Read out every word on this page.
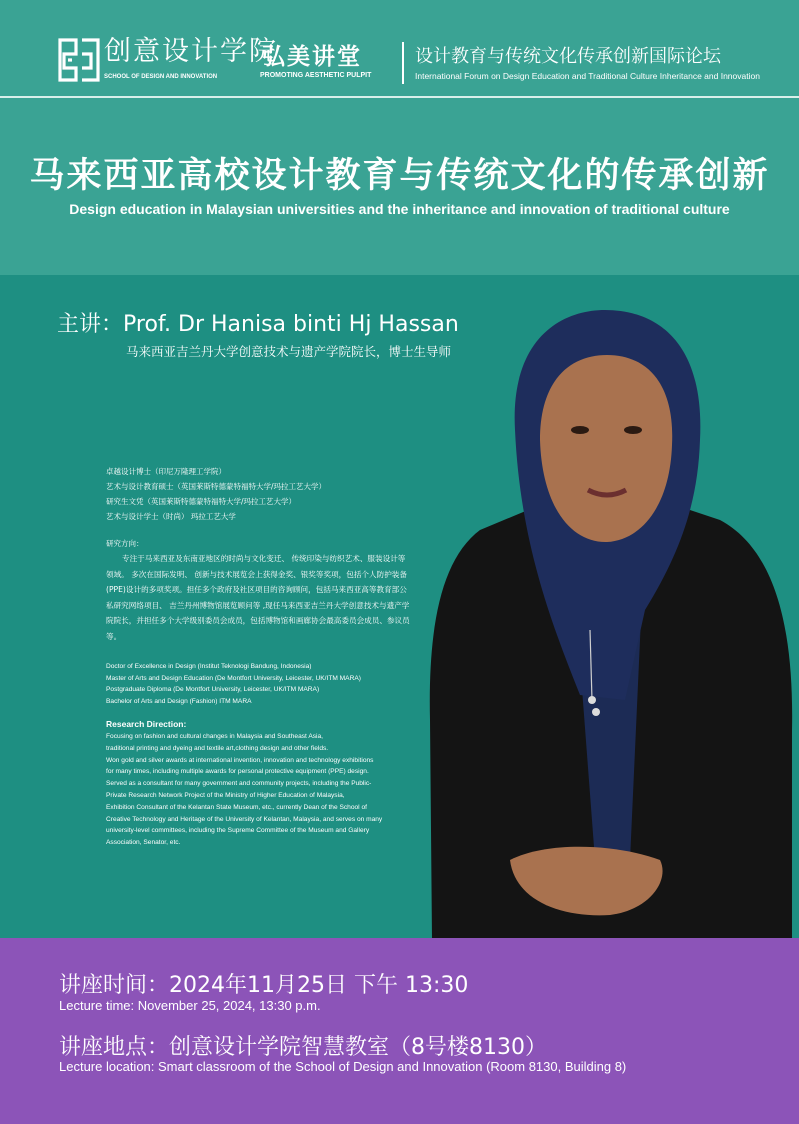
创意设计学院
SCHOOL OF DESIGN AND INNOVATION
弘美讲堂
PROMOTING AESTHETIC PULPIT
设计教育与传统文化传承创新国际论坛
International Forum on Design Education and Traditional Culture Inheritance and Innovation
马来西亚高校设计教育与传统文化的传承创新
Design education in Malaysian universities and the inheritance and innovation of traditional culture
主讲：Prof. Dr Hanisa binti Hj Hassan
马来西亚吉兰丹大学创意技术与遗产学院院长，博士生导师
卓越设计博士（印尼万隆理工学院）
艺术与设计教育硕士（英国莱斯特德蒙特福特大学/玛拉工艺大学）
研究生文凭（英国莱斯特德蒙特福特大学/玛拉工艺大学）
艺术与设计学士（时尚） 玛拉工艺大学
研究方向：

专注于马来西亚及东南亚地区的时尚与文化变迁、 传统印染与纺织艺术、服装设计等领域。 多次在国际发明、 创新与技术展览会上获得金奖、银奖等奖项，包括个人防护装备(PPE)设计的多项奖项。担任多个政府及社区项目的咨询顾问，包括马来西亚高等教育部公私研究网络项目、 吉兰丹州博物馆展览顾问等 ,现任马来西亚吉兰丹大学创意技术与遗产学院院长，并担任多个大学级别委员会成员，包括博物馆和画廊协会最高委员会成员、参议员等。

Doctor of Excellence in Design (Institut Teknologi Bandung, Indonesia)
Master of Arts and Design Education (De Montfort University, Leicester, UK/ITM MARA)
Postgraduate Diploma (De Montfort University, Leicester, UK/ITM MARA)
Bachelor of Arts and Design (Fashion) ITM MARA
Research Direction:
Focusing on fashion and cultural changes in Malaysia and Southeast Asia,
traditional printing and dyeing and textile art,clothing design and other fields.
Won gold and silver awards at international invention, innovation and technology exhibitions
for many times, including multiple awards for personal protective equipment (PPE) design.
Served as a consultant for many government and community projects, including the Public-
Private Research Network Project of the Ministry of Higher Education of Malaysia,
Exhibition Consultant of the Kelantan State Museum, etc., currently Dean of the School of
Creative Technology and Heritage of the University of Kelantan, Malaysia, and serves on many
university-level committees, including the Supreme Committee of the Museum and Gallery
Association, Senator, etc.
讲座时间：2024年11月25日 下午 13:30
Lecture time: November 25, 2024, 13:30 p.m.
讲座地点：创意设计学院智慧教室（8号楼8130）
Lecture location: Smart classroom of the School of Design and Innovation (Room 8130, Building 8)
